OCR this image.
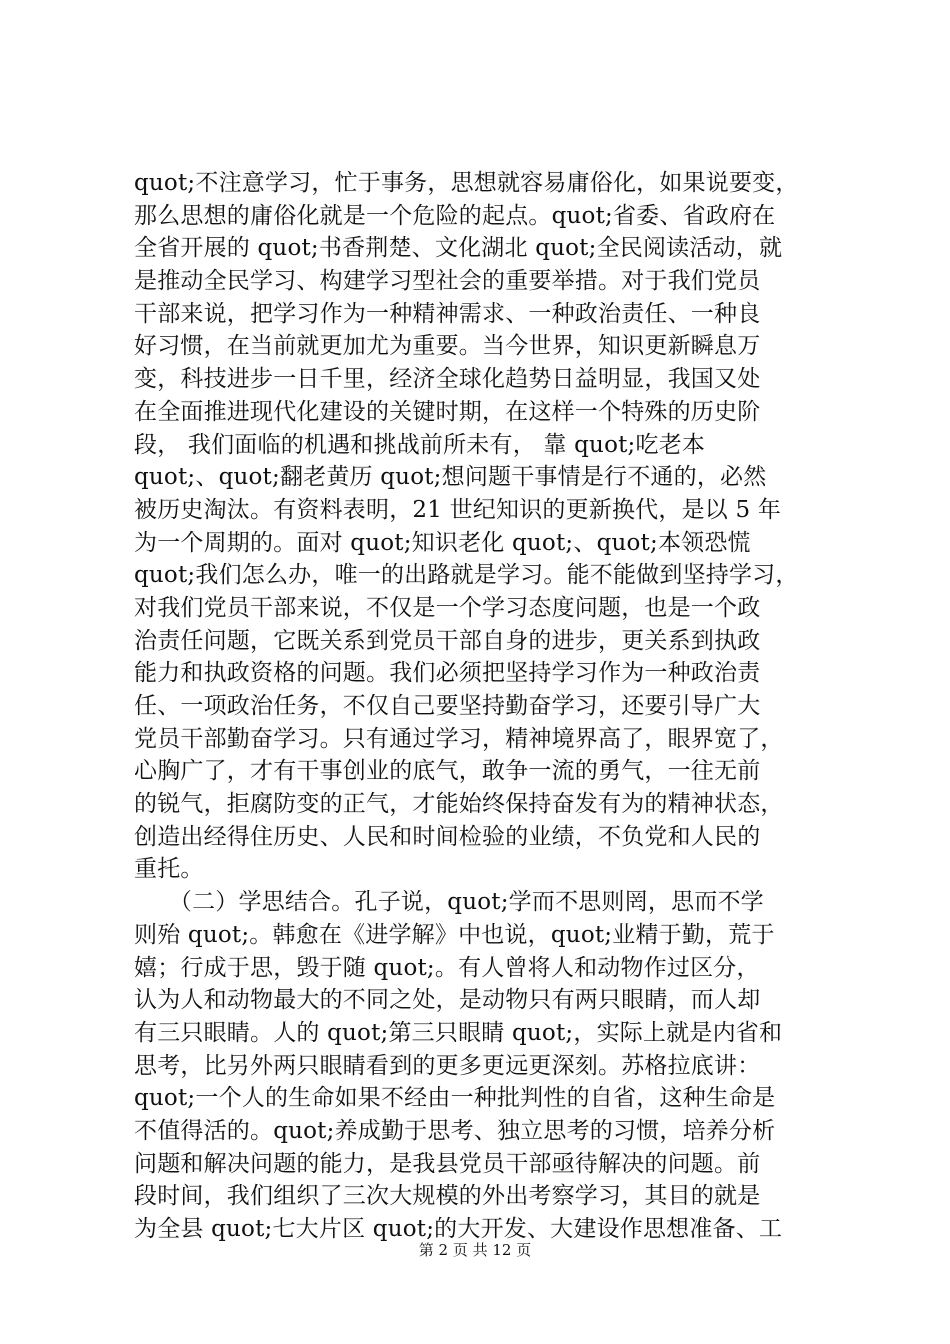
quot;不注意学习，忙于事务，思想就容易庸俗化，如果说要变，
那么思想的庸俗化就是一个危险的起点。quot;省委、省政府在
全省开展的 quot;书香荆楚、文化湖北 quot;全民阅读活动，就
是推动全民学习、构建学习型社会的重要举措。对于我们党员
干部来说，把学习作为一种精神需求、一种政治责任、一种良
好习惯，在当前就更加尤为重要。当今世界，知识更新瞬息万
变，科技进步一日千里，经济全球化趋势日益明显，我国又处
在全面推进现代化建设的关键时期，在这样一个特殊的历史阶
段， 我们面临的机遇和挑战前所未有， 靠 quot;吃老本
quot;、quot;翻老黄历 quot;想问题干事情是行不通的，必然
被历史淘汰。有资料表明，21 世纪知识的更新换代，是以 5 年
为一个周期的。面对 quot;知识老化 quot;、quot;本领恐慌
quot;我们怎么办，唯一的出路就是学习。能不能做到坚持学习，
对我们党员干部来说，不仅是一个学习态度问题，也是一个政
治责任问题，它既关系到党员干部自身的进步，更关系到执政
能力和执政资格的问题。我们必须把坚持学习作为一种政治责
任、一项政治任务，不仅自己要坚持勤奋学习，还要引导广大
党员干部勤奋学习。只有通过学习，精神境界高了，眼界宽了，
心胸广了，才有干事创业的底气，敢争一流的勇气，一往无前
的锐气，拒腐防变的正气，才能始终保持奋发有为的精神状态，
创造出经得住历史、人民和时间检验的业绩，不负党和人民的
重托。
　　（二）学思结合。孔子说，quot;学而不思则罔，思而不学
则殆 quot;。韩愈在《进学解》中也说，quot;业精于勤，荒于
嬉；行成于思，毁于随 quot;。有人曾将人和动物作过区分，
认为人和动物最大的不同之处，是动物只有两只眼睛，而人却
有三只眼睛。人的 quot;第三只眼睛 quot;，实际上就是内省和
思考，比另外两只眼睛看到的更多更远更深刻。苏格拉底讲：
quot;一个人的生命如果不经由一种批判性的自省，这种生命是
不值得活的。quot;养成勤于思考、独立思考的习惯，培养分析
问题和解决问题的能力，是我县党员干部亟待解决的问题。前
段时间，我们组织了三次大规模的外出考察学习，其目的就是
为全县 quot;七大片区 quot;的大开发、大建设作思想准备、工
第 2 页 共 12 页
